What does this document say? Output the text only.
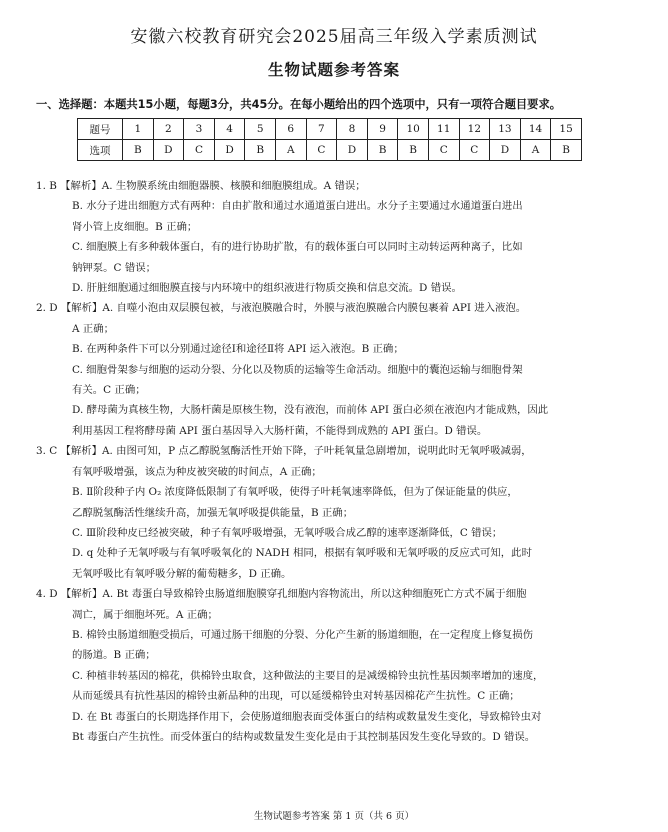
安徽六校教育研究会2025届高三年级入学素质测试
生物试题参考答案
一、选择题：本题共15小题，每题3分，共45分。在每小题给出的四个选项中，只有一项符合题目要求。
题号	1	2	3	4	5	6	7	8	9	10	11	12	13	14	15
选项	B	D	C	D	B	A	C	D	B	B	C	C	D	A	B

1. B 【解析】A. 生物膜系统由细胞器膜、核膜和细胞膜组成。A 错误；

B. 水分子进出细胞方式有两种：自由扩散和通过水通道蛋白进出。水分子主要通过水通道蛋白进出

肾小管上皮细胞。B 正确；

C. 细胞膜上有多种载体蛋白，有的进行协助扩散，有的载体蛋白可以同时主动转运两种离子，比如

钠钾泵。C 错误；

D. 肝脏细胞通过细胞膜直接与内环境中的组织液进行物质交换和信息交流。D 错误。

2. D 【解析】A. 自噬小泡由双层膜包被，与液泡膜融合时，外膜与液泡膜融合内膜包裹着 API 进入液泡。

A 正确；

B. 在两种条件下可以分别通过途径Ⅰ和途径Ⅱ将 API 运入液泡。B 正确；

C. 细胞骨架参与细胞的运动分裂、分化以及物质的运输等生命活动。细胞中的囊泡运输与细胞骨架

有关。C 正确；

D. 酵母菌为真核生物，大肠杆菌是原核生物，没有液泡，而前体 API 蛋白必须在液泡内才能成熟，因此

利用基因工程将酵母菌 API 蛋白基因导入大肠杆菌，不能得到成熟的 API 蛋白。D 错误。

3. C 【解析】A. 由图可知，P 点乙醇脱氢酶活性开始下降，子叶耗氧量急剧增加，说明此时无氧呼吸减弱，

有氧呼吸增强，该点为种皮被突破的时间点，A 正确；

B. Ⅱ阶段种子内 O₂ 浓度降低限制了有氧呼吸，使得子叶耗氧速率降低，但为了保证能量的供应，

乙醇脱氢酶活性继续升高，加强无氧呼吸提供能量，B 正确；

C. Ⅲ阶段种皮已经被突破，种子有氧呼吸增强，无氧呼吸合成乙醇的速率逐渐降低，C 错误；

D. q 处种子无氧呼吸与有氧呼吸氧化的 NADH 相同，根据有氧呼吸和无氧呼吸的反应式可知，此时

无氧呼吸比有氧呼吸分解的葡萄糖多，D 正确。

4. D 【解析】A. Bt 毒蛋白导致棉铃虫肠道细胞膜穿孔细胞内容物流出，所以这种细胞死亡方式不属于细胞

凋亡，属于细胞坏死。A 正确；

B. 棉铃虫肠道细胞受损后，可通过肠干细胞的分裂、分化产生新的肠道细胞，在一定程度上修复损伤

的肠道。B 正确；

C. 种植非转基因的棉花，供棉铃虫取食，这种做法的主要目的是减缓棉铃虫抗性基因频率增加的速度，

从而延缓具有抗性基因的棉铃虫新品种的出现，可以延缓棉铃虫对转基因棉花产生抗性。C 正确；

D. 在 Bt 毒蛋白的长期选择作用下，会使肠道细胞表面受体蛋白的结构或数量发生变化，导致棉铃虫对

Bt 毒蛋白产生抗性。而受体蛋白的结构或数量发生变化是由于其控制基因发生变化导致的。D 错误。

生物试题参考答案 第 1 页（共 6 页）
